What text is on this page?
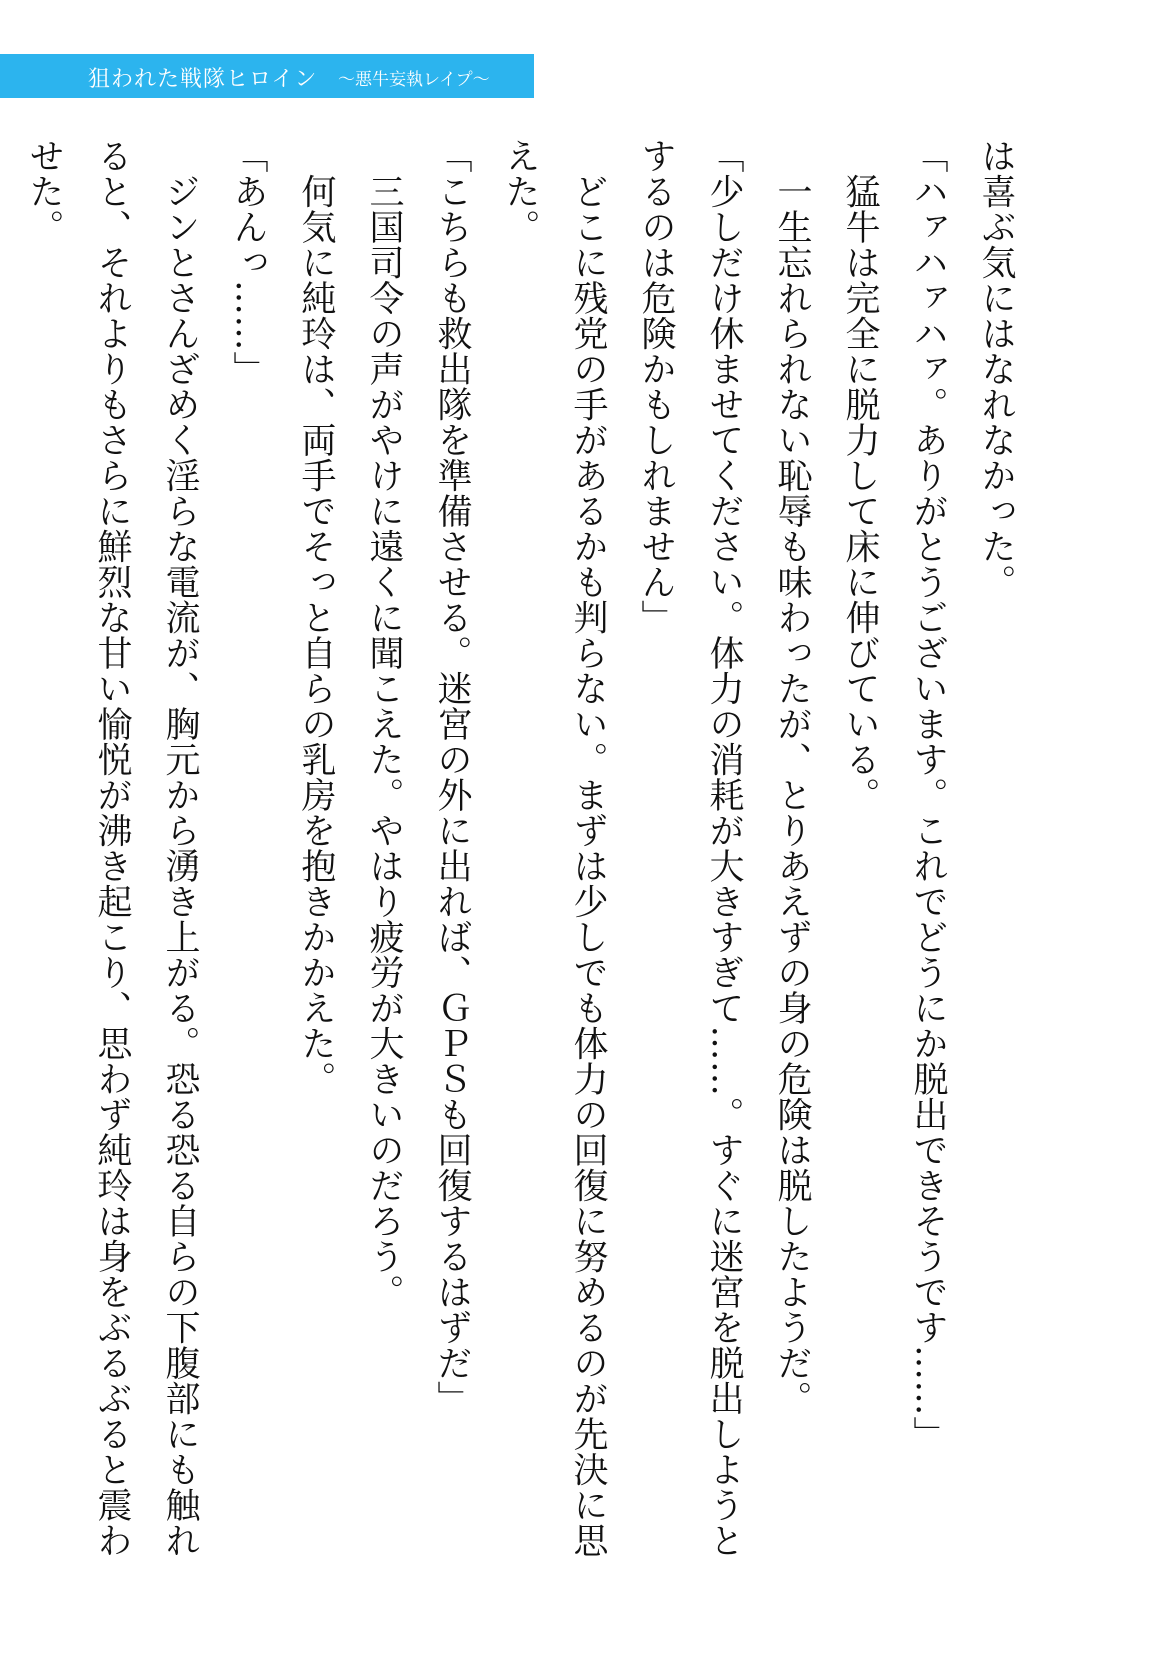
狙われた戦隊ヒロイン 〜悪牛妄執レイプ〜

は喜ぶ気にはなれなかった。

「ハァハァハァ。ありがとうございます。これでどうにか脱出できそうです……」

　猛牛は完全に脱力して床に伸びている。

　一生忘れられない恥辱も味わったが、とりあえずの身の危険は脱したようだ。

「少しだけ休ませてください。体力の消耗が大きすぎて……。すぐに迷宮を脱出しようとするのは危険かもしれません」

　どこに残党の手があるかも判らない。まずは少しでも体力の回復に努めるのが先決に思えた。

「こちらも救出隊を準備させる。迷宮の外に出れば、ＧＰＳも回復するはずだ」

　三国司令の声がやけに遠くに聞こえた。やはり疲労が大きいのだろう。

　何気に純玲は、両手でそっと自らの乳房を抱きかかえた。

「あんっ……」

　ジンとさんざめく淫らな電流が、胸元から湧き上がる。恐る恐る自らの下腹部にも触れると、それよりもさらに鮮烈な甘い愉悦が沸き起こり、思わず純玲は身をぶるぶると震わせた。
